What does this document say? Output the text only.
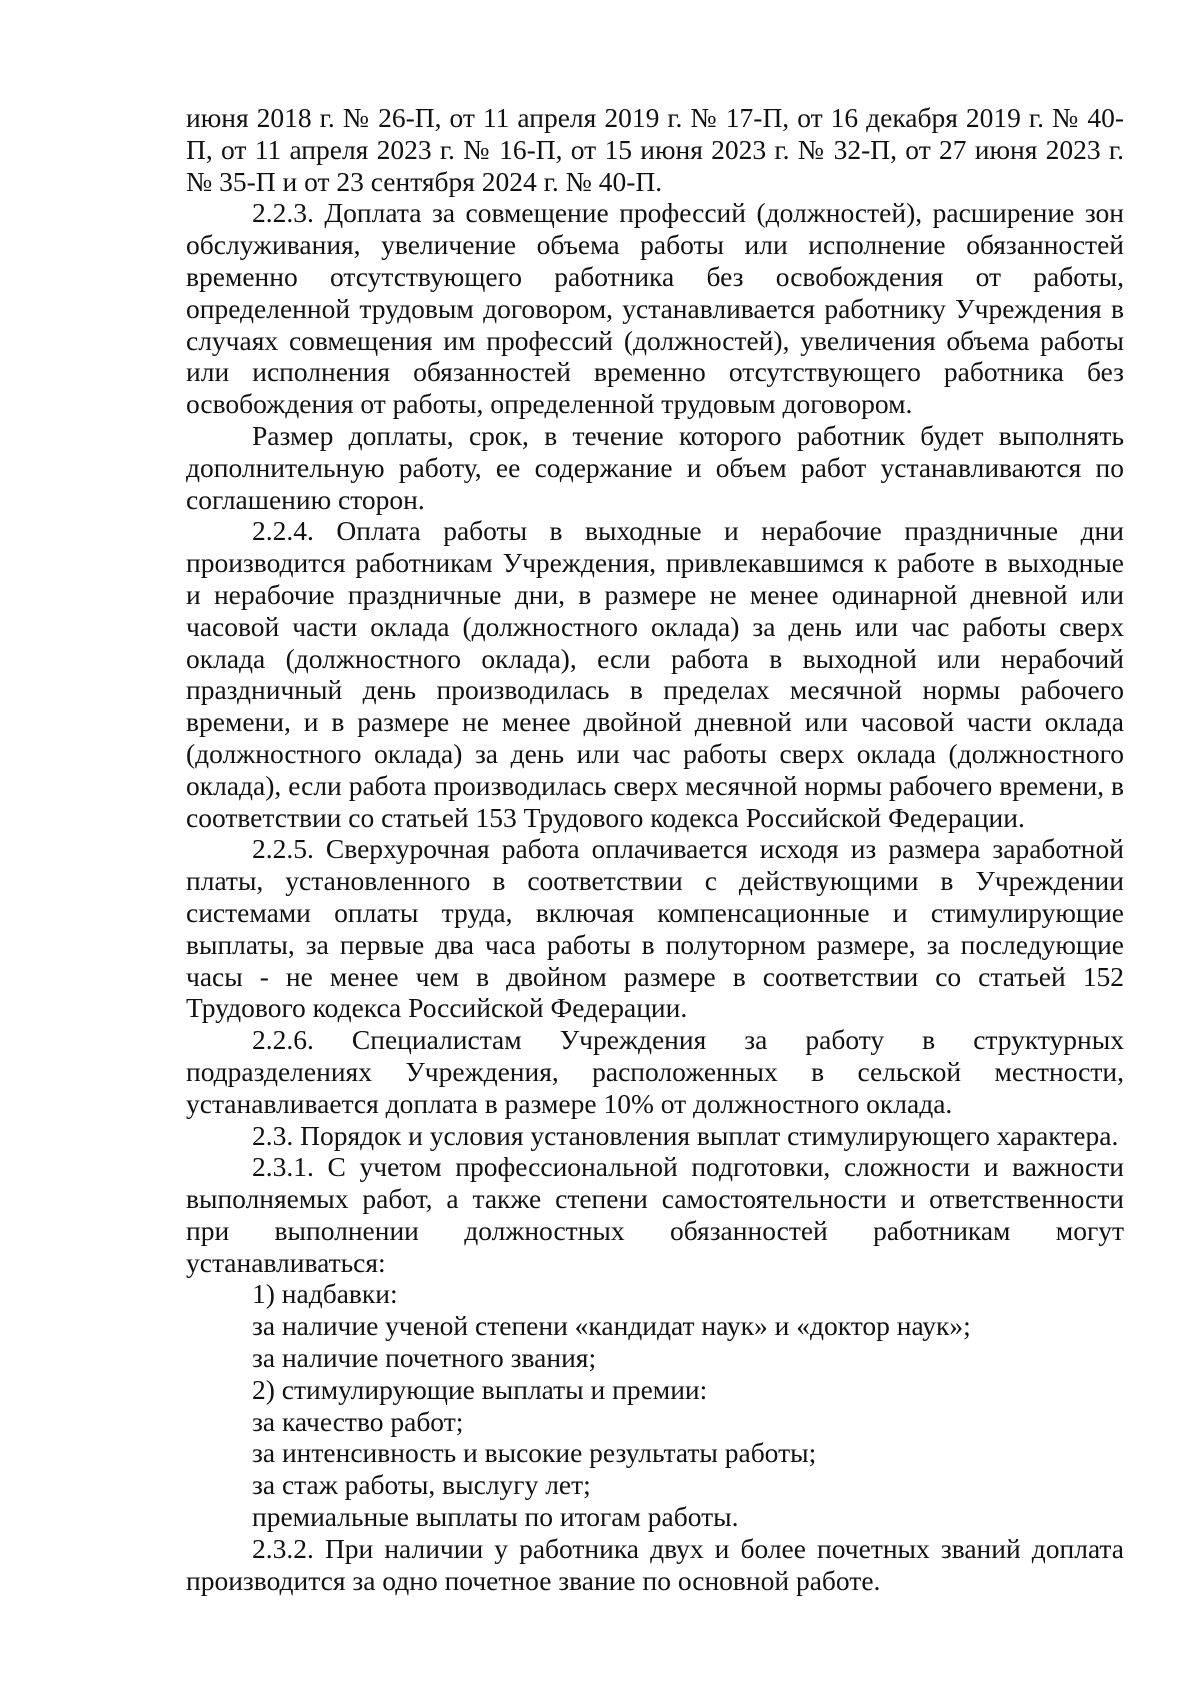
июня 2018 г. № 26-П, от 11 апреля 2019 г. № 17-П, от 16 декабря 2019 г. № 40-П, от 11 апреля 2023 г. № 16-П, от 15 июня 2023 г. № 32-П, от 27 июня 2023 г. № 35-П и от 23 сентября 2024 г. № 40-П.

2.2.3. Доплата за совмещение профессий (должностей), расширение зон обслуживания, увеличение объема работы или исполнение обязанностей временно отсутствующего работника без освобождения от работы, определенной трудовым договором, устанавливается работнику Учреждения в случаях совмещения им профессий (должностей), увеличения объема работы или исполнения обязанностей временно отсутствующего работника без освобождения от работы, определенной трудовым договором.

Размер доплаты, срок, в течение которого работник будет выполнять дополнительную работу, ее содержание и объем работ устанавливаются по соглашению сторон.

2.2.4. Оплата работы в выходные и нерабочие праздничные дни производится работникам Учреждения, привлекавшимся к работе в выходные и нерабочие праздничные дни, в размере не менее одинарной дневной или часовой части оклада (должностного оклада) за день или час работы сверх оклада (должностного оклада), если работа в выходной или нерабочий праздничный день производилась в пределах месячной нормы рабочего времени, и в размере не менее двойной дневной или часовой части оклада (должностного оклада) за день или час работы сверх оклада (должностного оклада), если работа производилась сверх месячной нормы рабочего времени, в соответствии со статьей 153 Трудового кодекса Российской Федерации.

2.2.5. Сверхурочная работа оплачивается исходя из размера заработной платы, установленного в соответствии с действующими в Учреждении системами оплаты труда, включая компенсационные и стимулирующие выплаты, за первые два часа работы в полуторном размере, за последующие часы - не менее чем в двойном размере в соответствии со статьей 152 Трудового кодекса Российской Федерации.

2.2.6. Специалистам Учреждения за работу в структурных подразделениях Учреждения, расположенных в сельской местности, устанавливается доплата в размере 10% от должностного оклада.

2.3. Порядок и условия установления выплат стимулирующего характера.

2.3.1. С учетом профессиональной подготовки, сложности и важности выполняемых работ, а также степени самостоятельности и ответственности при выполнении должностных обязанностей работникам могут устанавливаться:

1) надбавки:

за наличие ученой степени «кандидат наук» и «доктор наук»;

за наличие почетного звания;

2) стимулирующие выплаты и премии:

за качество работ;

за интенсивность и высокие результаты работы;

за стаж работы, выслугу лет;

премиальные выплаты по итогам работы.

2.3.2. При наличии у работника двух и более почетных званий доплата производится за одно почетное звание по основной работе.
